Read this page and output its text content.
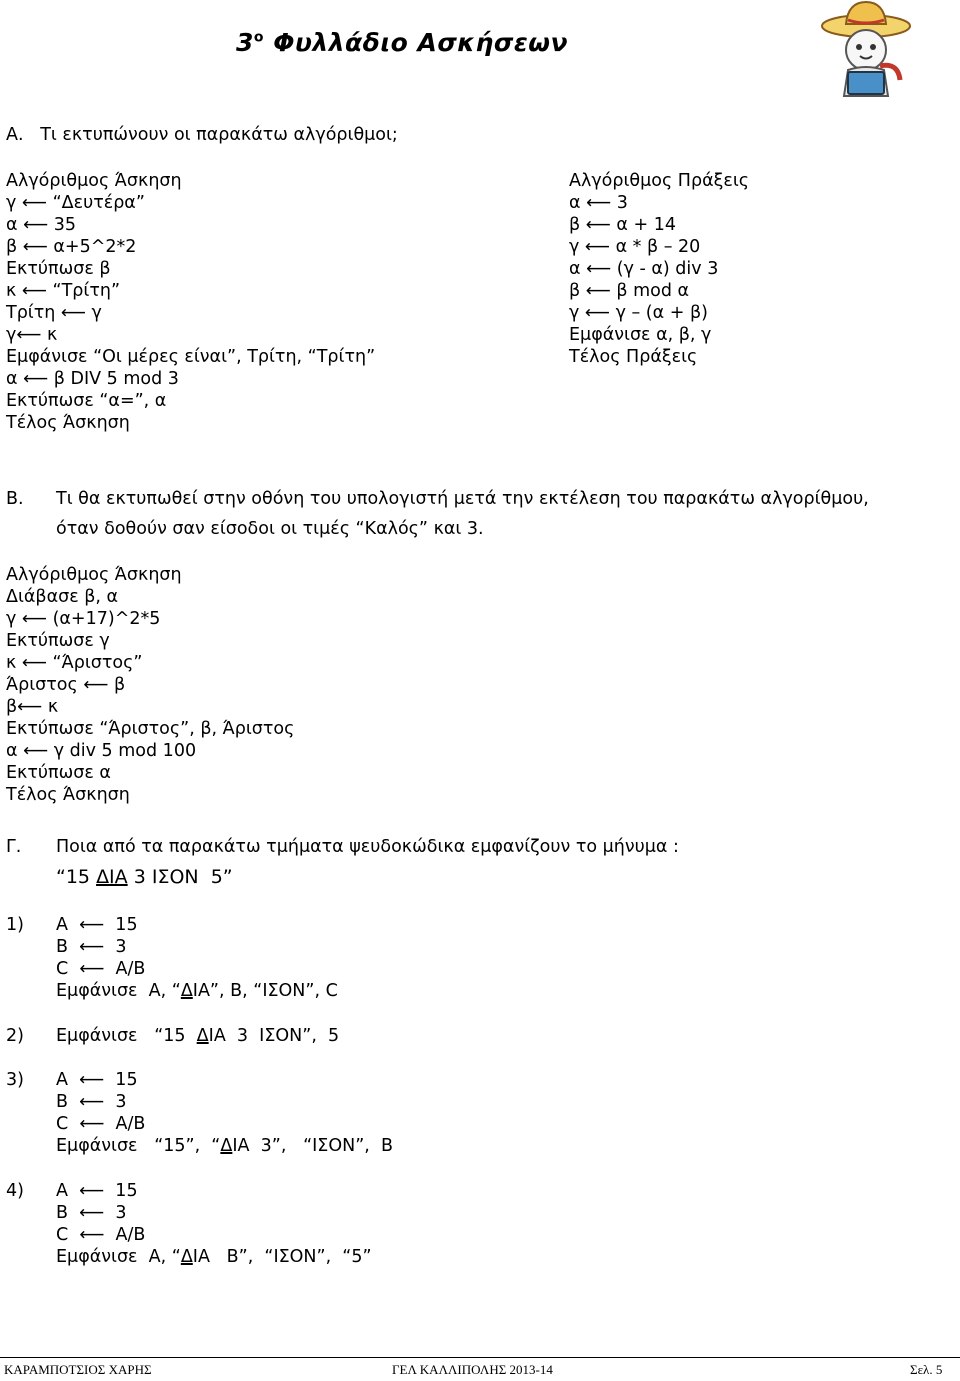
$3^o$ Φυλλάδιο Ασκήσεων
Α.   Τι εκτυπώνουν οι παρακάτω αλγόριθμοι;
Αλγόριθμος Άσκηση
γ ⟵ “Δευτέρα”
α ⟵ 35
β ⟵ α+5^2*2
Εκτύπωσε β
κ ⟵ “Τρίτη”
Τρίτη ⟵ γ
γ⟵ κ
Εμφάνισε “Οι μέρες είναι”, Τρίτη, “Τρίτη”
α ⟵ β DIV 5 mod 3
Εκτύπωσε “α=”, α
Τέλος Άσκηση
Αλγόριθμος Πράξεις
α ⟵ 3
β ⟵ α + 14
γ ⟵ α * β – 20
α ⟵ (γ - α) div 3
β ⟵ β mod α
γ ⟵ γ – (α + β)
Εμφάνισε α, β, γ
Τέλος Πράξεις
Β. Τι θα εκτυπωθεί στην οθόνη του υπολογιστή μετά την εκτέλεση του παρακάτω αλγορίθμου,
όταν δοθούν σαν είσοδοι οι τιμές “Καλός” και 3.
Αλγόριθμος Άσκηση
Διάβασε β, α
γ ⟵ (α+17)^2*5
Εκτύπωσε γ
κ ⟵ “Άριστος”
Άριστος ⟵ β
β⟵ κ
Εκτύπωσε “Άριστος”, β, Άριστος
α ⟵ γ div 5 mod 100
Εκτύπωσε α
Τέλος Άσκηση
Γ. Ποια από τα παρακάτω τμήματα ψευδοκώδικα εμφανίζουν το μήνυμα :
“15 ΔΙΑ 3 ΙΣΟΝ  5”
1) Α  ⟵  15
Β  ⟵  3
C  ⟵  Α/Β
Εμφάνισε  Α, “ΔΙΑ”, Β, “ΙΣΟΝ”, C
2) Εμφάνισε   “15  ΔΙΑ  3  ΙΣΟΝ”,  5
3) Α  ⟵  15
Β  ⟵  3
C  ⟵  Α/Β
Εμφάνισε   “15”,  “ΔΙΑ  3”,   “ΙΣΟΝ”,  Β
4) Α  ⟵  15
Β  ⟵  3
C  ⟵  Α/Β
Εμφάνισε  Α, “ΔΙΑ   Β”,  “ΙΣΟΝ”,  “5”
ΚΑΡΑΜΠΟΤΣΙΟΣ ΧΑΡΗΣ	ΓΕΛ ΚΑΛΛΙΠΟΛΗΣ 2013-14	Σελ. 5
